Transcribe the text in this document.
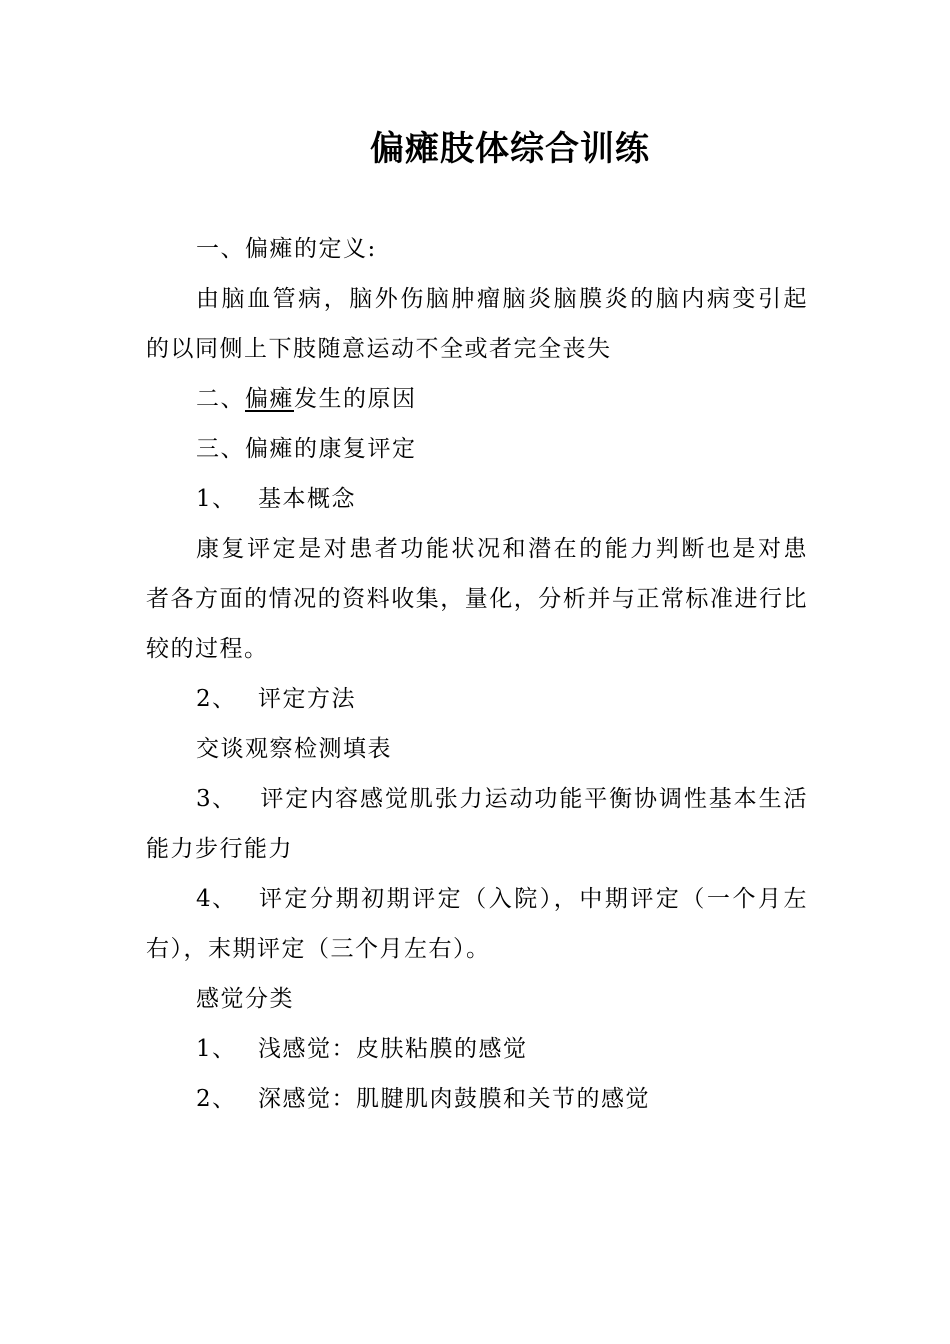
偏瘫肢体综合训练

一、偏瘫的定义:

由脑血管病，脑外伤脑肿瘤脑炎脑膜炎的脑内病变引起的以同侧上下肢随意运动不全或者完全丧失

二、偏瘫发生的原因

三、偏瘫的康复评定

1、 基本概念

康复评定是对患者功能状况和潜在的能力判断也是对患者各方面的情况的资料收集，量化，分析并与正常标准进行比较的过程。

2、 评定方法

交谈观察检测填表

3、 评定内容感觉肌张力运动功能平衡协调性基本生活能力步行能力

4、 评定分期初期评定（入院），中期评定（一个月左右），末期评定（三个月左右）。

感觉分类

1、 浅感觉：皮肤粘膜的感觉

2、 深感觉：肌腱肌肉鼓膜和关节的感觉
